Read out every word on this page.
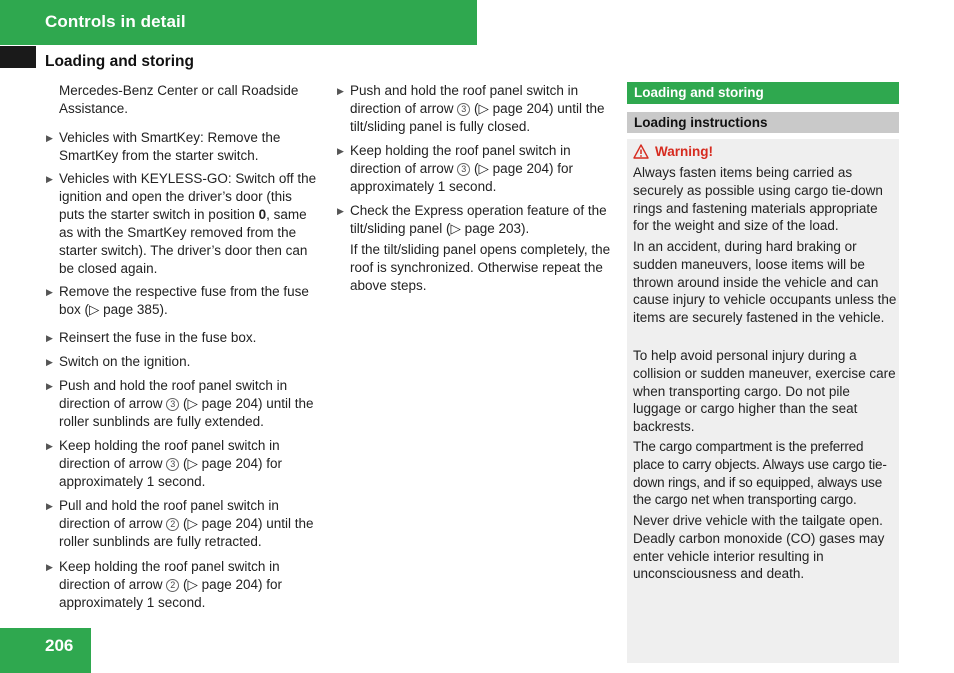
Controls in detail
Loading and storing

Mercedes-Benz Center or call Roadside Assistance.

▶ Vehicles with SmartKey: Remove the SmartKey from the starter switch.
▶ Vehicles with KEYLESS-GO: Switch off the ignition and open the driver’s door (this puts the starter switch in position 0, same as with the SmartKey removed from the starter switch). The driver’s door then can be closed again.
▶ Remove the respective fuse from the fuse box (▷ page 385).
▶ Reinsert the fuse in the fuse box.
▶ Switch on the ignition.
▶ Push and hold the roof panel switch in direction of arrow 3 (▷ page 204) until the roller sunblinds are fully extended.
▶ Keep holding the roof panel switch in direction of arrow 3 (▷ page 204) for approximately 1 second.
▶ Pull and hold the roof panel switch in direction of arrow 2 (▷ page 204) until the roller sunblinds are fully retracted.
▶ Keep holding the roof panel switch in direction of arrow 2 (▷ page 204) for approximately 1 second.
▶ Push and hold the roof panel switch in direction of arrow 3 (▷ page 204) until the tilt/sliding panel is fully closed.
▶ Keep holding the roof panel switch in direction of arrow 3 (▷ page 204) for approximately 1 second.
▶ Check the Express operation feature of the tilt/sliding panel (▷ page 203).

If the tilt/sliding panel opens completely, the roof is synchronized. Otherwise repeat the above steps.

Loading and storing
Loading instructions
Warning!

Always fasten items being carried as securely as possible using cargo tie-down rings and fastening materials appropriate for the weight and size of the load.

In an accident, during hard braking or sudden maneuvers, loose items will be thrown around inside the vehicle and can cause injury to vehicle occupants unless the items are securely fastened in the vehicle.

To help avoid personal injury during a collision or sudden maneuver, exercise care when transporting cargo. Do not pile luggage or cargo higher than the seat backrests.

The cargo compartment is the preferred place to carry objects. Always use cargo tie-down rings, and if so equipped, always use the cargo net when transporting cargo.

Never drive vehicle with the tailgate open. Deadly carbon monoxide (CO) gases may enter vehicle interior resulting in unconsciousness and death.

206
